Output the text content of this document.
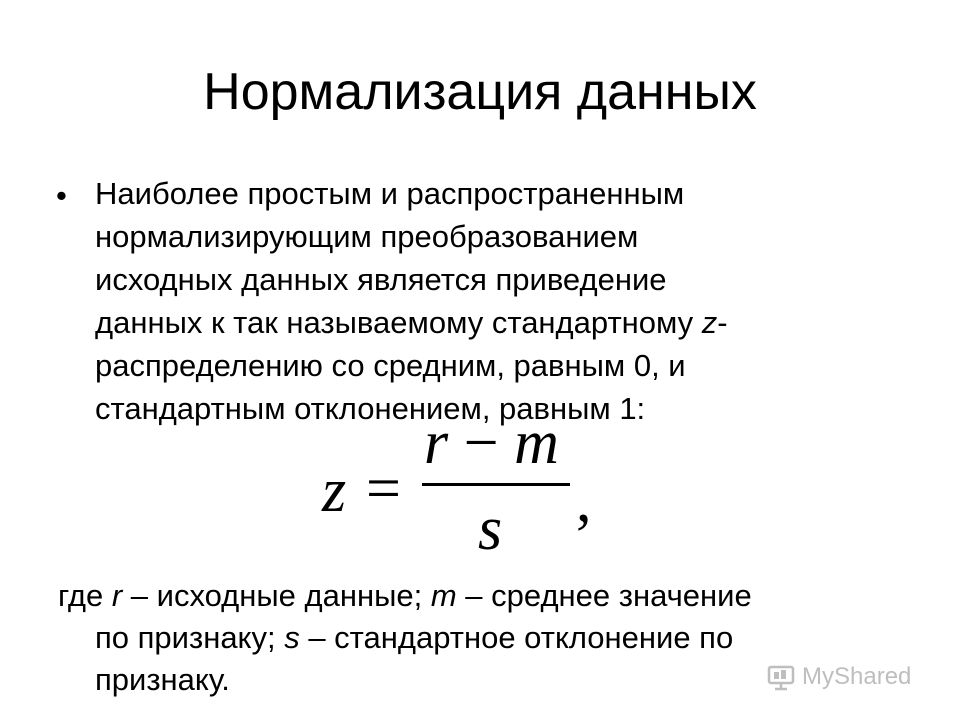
Нормализация данных
• Наиболее простым и распространенным
нормализирующим преобразованием
исходных данных является приведение
данных к так называемому стандартному z-
распределению со средним, равным 0, и
стандартным отклонением, равным 1:

z =
r − m
s ,

где r – исходные данные; m – среднее значение
по признаку; s – стандартное отклонение по
признаку.	MyShared
